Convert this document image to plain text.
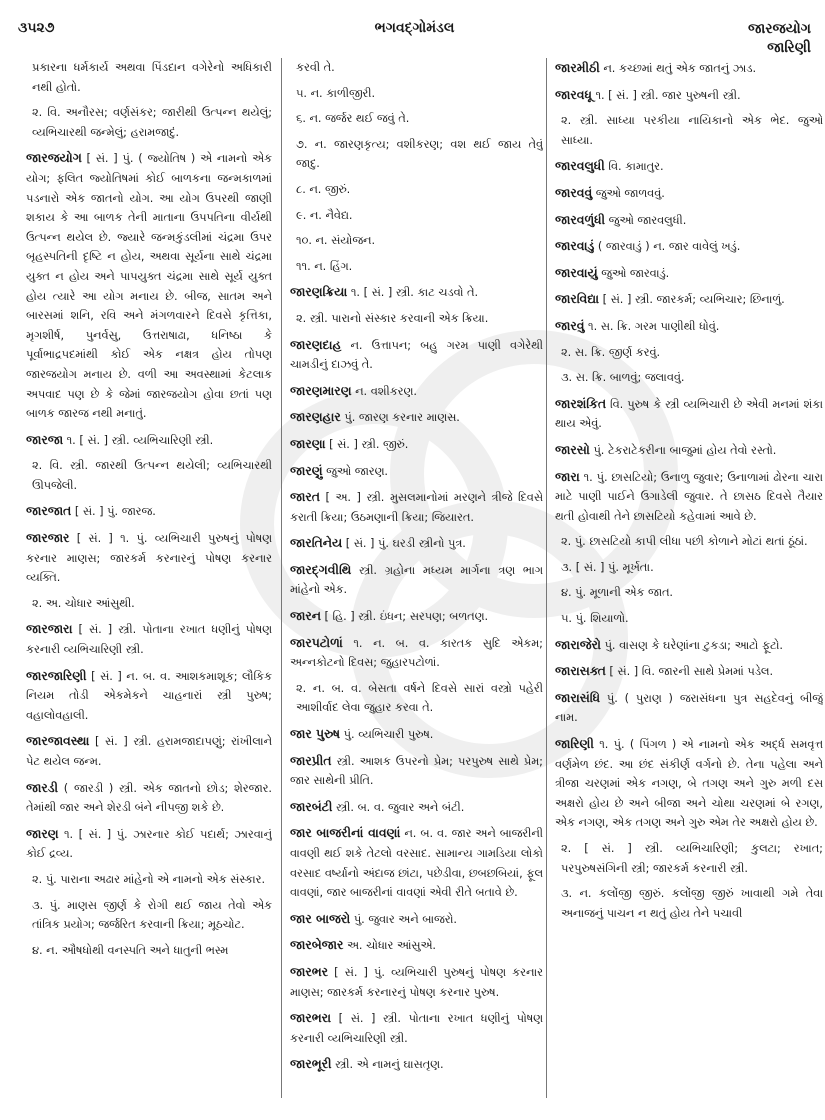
૩૫૨૭	ભગવદ્ગોમંડલ	જારજયોગ
જારિણી
પ્રકારના ધર્મકાર્ય અથવા પિંડદાન વગેરેનો અધિકારી નથી હોતો.
૨. વિ. અનૌરસ; વર્ણસંકર; જારીથી ઉત્પન્ન થયેલું; વ્યભિચારથી જન્મેલું; હરામજાદું.
જારજયોગ [ સં. ] પું. ( જ્યોતિષ ) એ નામનો એક યોગ; ફલિત જ્યોતિષમાં કોઈ બાળકના જન્મકાળમાં પડનારો એક જાતનો યોગ. આ યોગ ઉપરથી જાણી શકાય કે આ બાળક તેની માતાના ઉપપતિના વીર્યથી ઉત્પન્ન થયેલ છે. જ્યારે જન્મકુંડલીમાં ચંદ્રમા ઉપર બૃહસ્પતિની દૃષ્ટિ ન હોય, અથવા સૂર્યના સાથે ચંદ્રમા યુક્ત ન હોય અને પાપયુક્ત ચંદ્રમા સાથે સૂર્ય યુક્ત હોય ત્યારે આ યોગ મનાય છે. બીજ, સાતમ અને બારસમાં શનિ, રવિ અને મંગળવારને દિવસે કૃત્તિકા, મૃગશીર્ષ, પુનર્વસુ, ઉત્તરાષાઢા, ધનિષ્ઠા કે પૂર્વાભાદ્રપદમાંથી કોઈ એક નક્ષત્ર હોય તોપણ જારજયોગ મનાય છે. વળી આ અવસ્થામાં કેટલાક અપવાદ પણ છે કે જેમાં જારજયોગ હોવા છતાં પણ બાળક જારજ નથી મનાતું.
જારજા ૧. [ સં. ] સ્ત્રી. વ્યભિચારિણી સ્ત્રી.
૨. વિ. સ્ત્રી. જારથી ઉત્પન્ન થયેલી; વ્યભિચારથી ઊપજેલી.
જારજાત [ સં. ] પું. જારજ.
જારજાર [ સં. ] ૧. પું. વ્યભિચારી પુરુષનું પોષણ કરનાર માણસ; જારકર્મ કરનારનું પોષણ કરનાર વ્યક્તિ.
૨. અ. ચોધાર આંસુથી.
જારજારા [ સં. ] સ્ત્રી. પોતાના રખાત ધણીનું પોષણ કરનારી વ્યભિચારિણી સ્ત્રી.
જારજારિણી [ સં. ] ન. બ. વ. આશકમાશૂક; લૌકિક નિયમ તોડી એકમેકને ચાહનારાં સ્ત્રી પુરુષ; વહાલોવહાલી.
જારજાવસ્થા [ સં. ] સ્ત્રી. હરામજાદાપણું; રાંખીલાને પેટ થયેલ જન્મ.
જારડી ( જારડી ) સ્ત્રી. એક જાતનો છોડ; શેરજાર. તેમાંથી જાર અને શેરડી બંને નીપજી શકે છે.
જારણ ૧. [ સં. ] પું. ઝારનાર કોઈ પદાર્થ; ઝારવાનું કોઈ દ્રવ્ય.
૨. પું. પારાના અઢાર માંહેનો એ નામનો એક સંસ્કાર.
૩. પું. માણસ જીર્ણ કે રોગી થઈ જાય તેવો એક તાંત્રિક પ્રયોગ; જર્જરિત કરવાની ક્રિયા; મૂઠચોટ.
૪. ન. ઔષધોથી વનસ્પતિ અને ધાતુની ભસ્મ
કરવી તે.
૫. ન. કાળીજીરી.
૬. ન. જર્જર થઈ જવું તે.
૭. ન. જારણકૃત્ય; વશીકરણ; વશ થઈ જાય તેવું જાદુ.
૮. ન. જીરું.
૯. ન. નૈવેદ્ય.
૧૦. ન. સંયોજન.
૧૧. ન. હિંગ.
જારણક્રિયા ૧. [ સં. ] સ્ત્રી. કાટ ચડવો તે.
૨. સ્ત્રી. પારાનો સંસ્કાર કરવાની એક ક્રિયા.
જારણદાહ ન. ઉત્તાપન; બહુ ગરમ પાણી વગેરેથી ચામડીનું દાઝવું તે.
જારણમારણ ન. વશીકરણ.
જારણહાર પું. જારણ કરનાર માણસ.
જારણા [ સં. ] સ્ત્રી. જીરું.
જારણું જુઓ જારણ.
જારત [ અ. ] સ્ત્રી. મુસલમાનોમાં મરણને ત્રીજે દિવસે કરાતી ક્રિયા; ઉઠમણાની ક્રિયા; જિયારત.
જારતિનેય [ સં. ] પું. ઘરડી સ્ત્રીનો પુત્ર.
જારદ્ગવીથિ સ્ત્રી. ગ્રહોના મધ્યમ માર્ગના ત્રણ ભાગ માંહેનો એક.
જારન [ હિ. ] સ્ત્રી. ઇંધન; સરપણ; બળતણ.
જારપટોળાં ૧. ન. બ. વ. કારતક સુદિ એકમ; અન્નકોટનો દિવસ; જુહારપટોળાં.
૨. ન. બ. વ. બેસતા વર્ષને દિવસે સારાં વસ્ત્રો પહેરી આશીર્વાદ લેવા જુહાર કરવા તે.
જાર પુરુષ પું. વ્યભિચારી પુરુષ.
જારપ્રીત સ્ત્રી. આશક ઉપરનો પ્રેમ; પરપુરુષ સાથે પ્રેમ; જાર સાથેની પ્રીતિ.
જારબંટી સ્ત્રી. બ. વ. જુવાર અને બંટી.
જાર બાજરીનાં વાવણાં ન. બ. વ. જાર અને બાજરીની વાવણી થઈ શકે તેટલો વરસાદ. સામાન્ય ગામડિયા લોકો વરસાદ વર્ષ્યાનો અંદાજ છાંટા, પછેડીવા, છબછબિયાં, ફૂલ વાવણાં, જાર બાજરીનાં વાવણાં એવી રીતે બતાવે છે.
જાર બાજરો પું. જુવાર અને બાજરો.
જારબેજાર અ. ચોધાર આંસુએ.
જારભર [ સં. ] પું. વ્યભિચારી પુરુષનું પોષણ કરનાર માણસ; જારકર્મ કરનારનું પોષણ કરનાર પુરુષ.
જારભરા [ સં. ] સ્ત્રી. પોતાના રખાત ધણીનું પોષણ કરનારી વ્યભિચારિણી સ્ત્રી.
જારભૂરી સ્ત્રી. એ નામનું ઘાસતૃણ.
જારમીઠી ન. કચ્છમાં થતું એક જાતનું ઝાડ.
જારવધૂ ૧. [ સં. ] સ્ત્રી. જાર પુરુષની સ્ત્રી.
૨. સ્ત્રી. સાધ્યા પરકીયા નાયિકાનો એક ભેદ. જુઓ સાધ્યા.
જારવલુધી વિ. કામાતુર.
જારવવું જુઓ જાળવવું.
જારવળુંધી જુઓ જારવલુધી.
જારવાડું ( જારવાડું ) ન. જાર વાવેલું ખડું.
જારવાયું જુઓ જારવાડું.
જારવિદ્યા [ સં. ] સ્ત્રી. જારકર્મ; વ્યભિચાર; છિનાળું.
જારવું ૧. સ. ક્રિ. ગરમ પાણીથી ધોવું.
૨. સ. ક્રિ. જીર્ણ કરવું.
૩. સ. ક્રિ. બાળવું; જલાવવું.
જારશંકિત વિ. પુરુષ કે સ્ત્રી વ્યભિચારી છે એવી મનમાં શંકા થાય એવું.
જારસો પું. ટેકરાટેકરીના બાજુમાં હોય તેવો રસ્તો.
જારા ૧. પું. છાસટિયો; ઉનાળુ જુવાર; ઉનાળામાં ઢોરના ચારા માટે પાણી પાઈને ઉગાડેલી જુવાર. તે છાસઠ દિવસે તૈયાર થતી હોવાથી તેને છાસટિયો કહેવામાં આવે છે.
૨. પું. છાસટિયો કાપી લીધા પછી કોળાને મોટાં થતાં ઠૂંઠાં.
૩. [ સં. ] પું. મૂર્ખતા.
૪. પું. મૂળાની એક જાત.
૫. પું. શિયાળો.
જારાજેરો પું. વાસણ કે ઘરેણાંના ટુકડા; આટો ફૂટો.
જારાસક્ત [ સં. ] વિ. જારની સાથે પ્રેમમાં પડેલ.
જારાસંધિ પું. ( પુરાણ ) જરાસંધના પુત્ર સહદેવનું બીજું નામ.
જારિણી ૧. પું. ( પિંગળ ) એ નામનો એક અર્દ્ધ સમવૃત્ત વર્ણમેળ છંદ. આ છંદ સંકીર્ણ વર્ગનો છે. તેના પહેલા અને ત્રીજા ચરણમાં એક નગણ, બે તગણ અને ગુરુ મળી દસ અક્ષરો હોય છે અને બીજા અને ચોથા ચરણમાં બે રગણ, એક નગણ, એક તગણ અને ગુરુ એમ તેર અક્ષરો હોય છે.
૨. [ સં. ] સ્ત્રી. વ્યભિચારિણી; કુલટા; રખાત; પરપુરુષસંગિની સ્ત્રી; જારકર્મ કરનારી સ્ત્રી.
૩. ન. કલોંજી જીરું. કલોંજી જીરું ખાવાથી ગમે તેવા અનાજનું પાચન ન થતું હોય તેને પચાવી
